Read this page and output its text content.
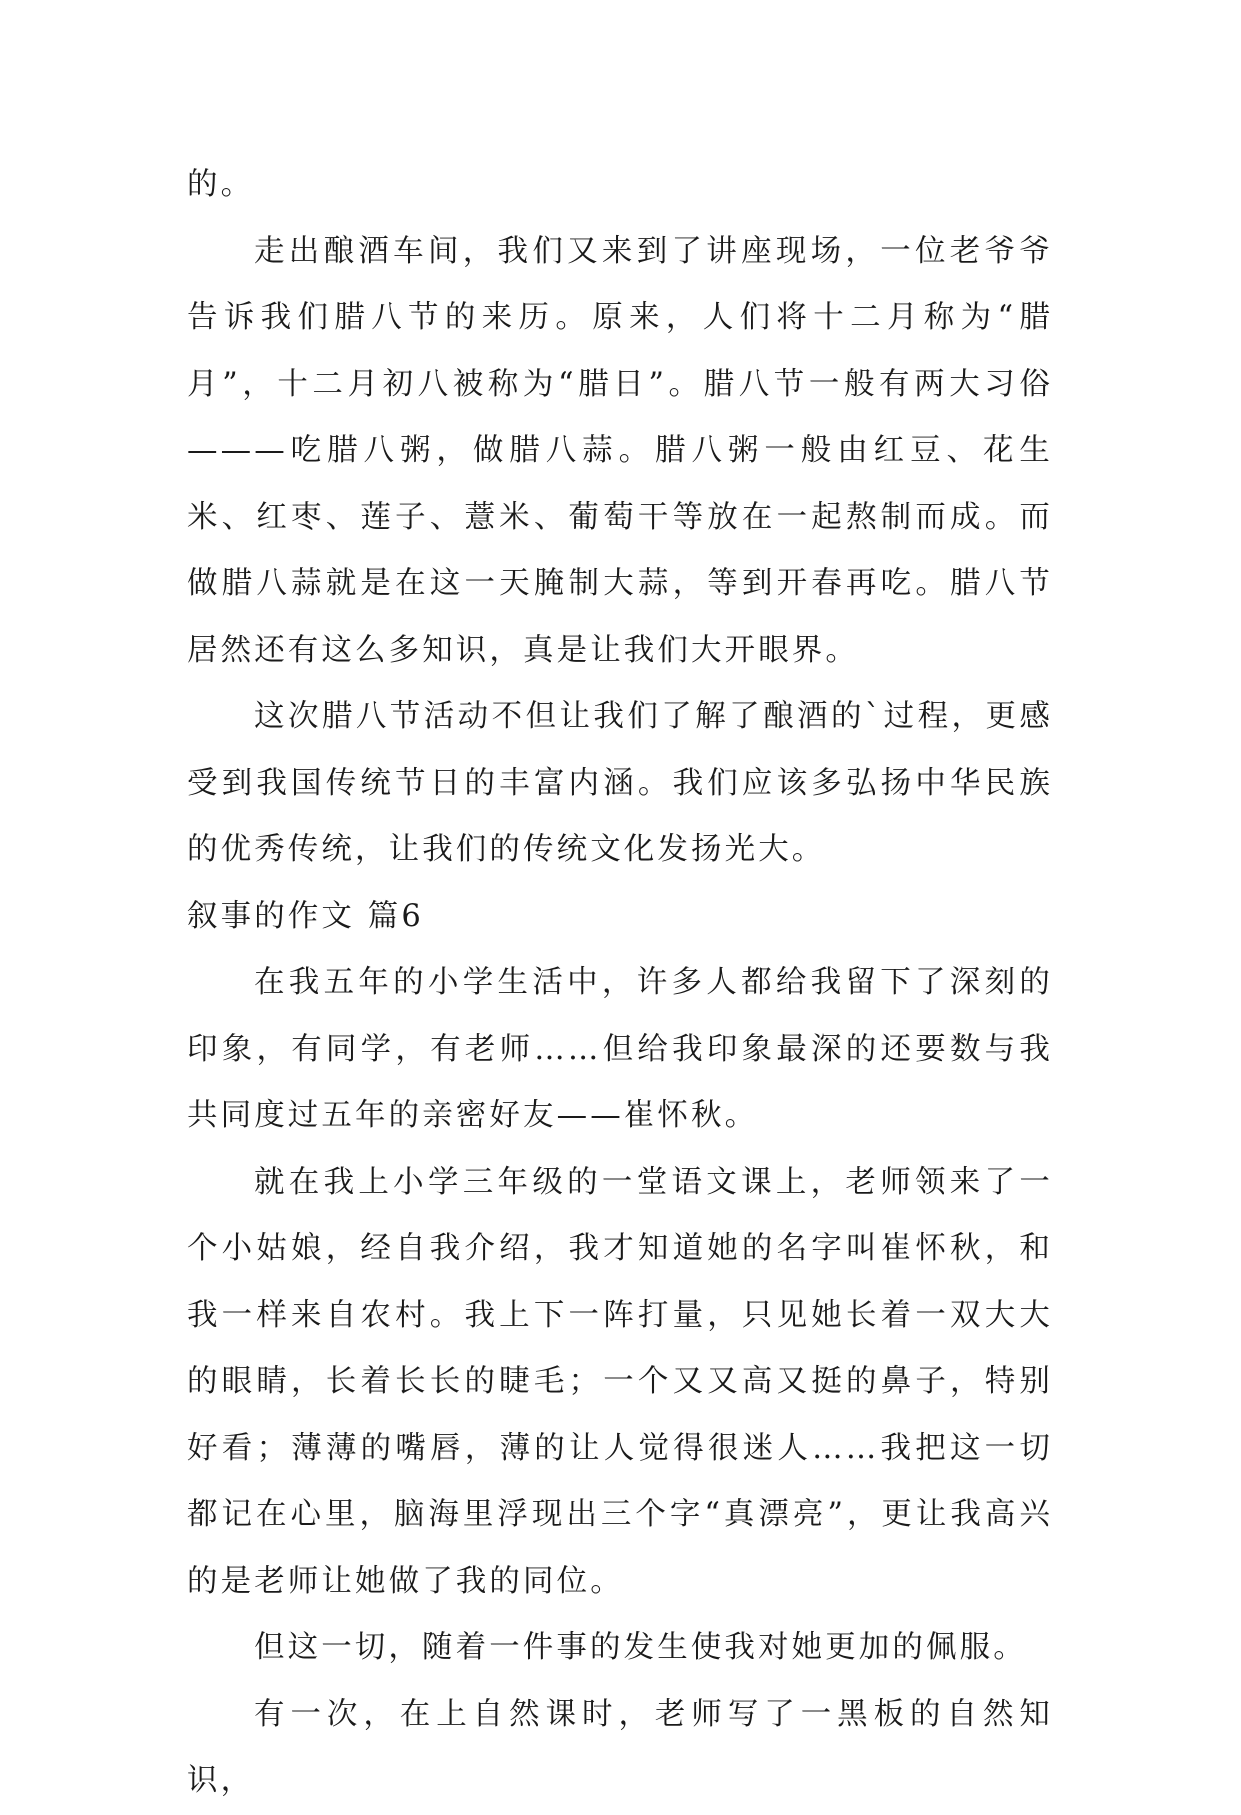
的。

走出酿酒车间，我们又来到了讲座现场，一位老爷爷告诉我们腊八节的来历。原来，人们将十二月称为“腊月”，十二月初八被称为“腊日”。腊八节一般有两大习俗———吃腊八粥，做腊八蒜。腊八粥一般由红豆、花生米、红枣、莲子、薏米、葡萄干等放在一起熬制而成。而做腊八蒜就是在这一天腌制大蒜，等到开春再吃。腊八节居然还有这么多知识，真是让我们大开眼界。

这次腊八节活动不但让我们了解了酿酒的`过程，更感受到我国传统节日的丰富内涵。我们应该多弘扬中华民族的优秀传统，让我们的传统文化发扬光大。

叙事的作文 篇6

在我五年的小学生活中，许多人都给我留下了深刻的印象，有同学，有老师……但给我印象最深的还要数与我共同度过五年的亲密好友——崔怀秋。

就在我上小学三年级的一堂语文课上，老师领来了一个小姑娘，经自我介绍，我才知道她的名字叫崔怀秋，和我一样来自农村。我上下一阵打量，只见她长着一双大大的眼睛，长着长长的睫毛；一个又又高又挺的鼻子，特别好看；薄薄的嘴唇，薄的让人觉得很迷人……我把这一切都记在心里，脑海里浮现出三个字“真漂亮”，更让我高兴的是老师让她做了我的同位。

但这一切，随着一件事的发生使我对她更加的佩服。

有一次，在上自然课时，老师写了一黑板的自然知识，
